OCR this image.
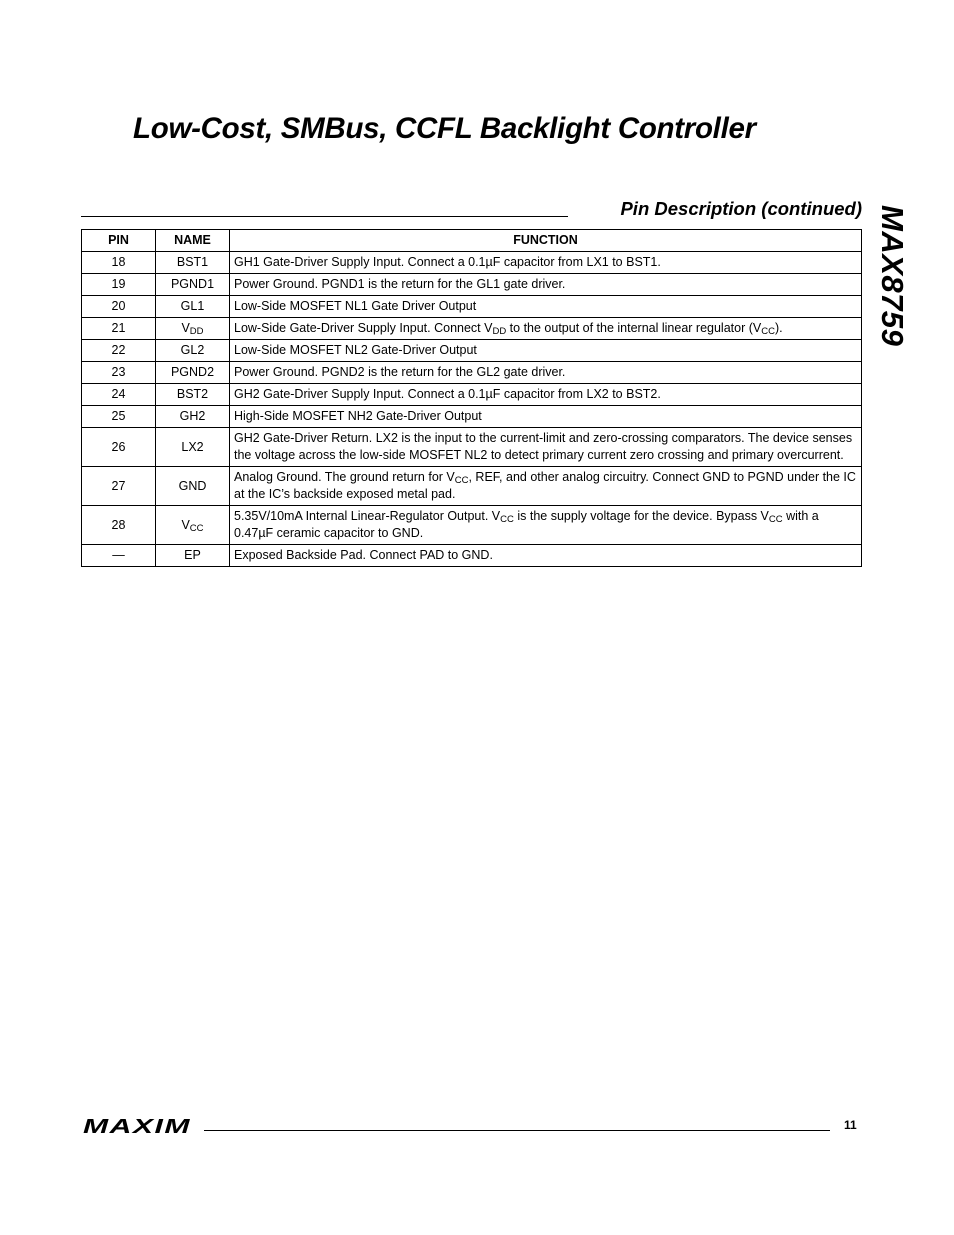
Low-Cost, SMBus, CCFL Backlight Controller
Pin Description (continued) MAX8759
PIN	NAME	FUNCTION
18	BST1	GH1 Gate-Driver Supply Input. Connect a 0.1µF capacitor from LX1 to BST1.
19	PGND1	Power Ground. PGND1 is the return for the GL1 gate driver.
20	GL1	Low-Side MOSFET NL1 Gate Driver Output
21	$V_{DD}$	Low-Side Gate-Driver Supply Input. Connect $V_{DD}$ to the output of the internal linear regulator $(V_{CC})$.
22	GL2	Low-Side MOSFET NL2 Gate-Driver Output
23	PGND2	Power Ground. PGND2 is the return for the GL2 gate driver.
24	BST2	GH2 Gate-Driver Supply Input. Connect a 0.1µF capacitor from LX2 to BST2.
25	GH2	High-Side MOSFET NH2 Gate-Driver Output
26	LX2	GH2 Gate-Driver Return. LX2 is the input to the current-limit and zero-crossing comparators. The device senses the voltage across the low-side MOSFET NL2 to detect primary current zero crossing and primary overcurrent.
27	GND	Analog Ground. The ground return for $V_{CC}$, REF, and other analog circuitry. Connect GND to PGND under the IC at the IC’s backside exposed metal pad.
28	$V_{CC}$	5.35V/10mA Internal Linear-Regulator Output. $V_{CC}$ is the supply voltage for the device. Bypass $V_{CC}$ with a 0.47µF ceramic capacitor to GND.
—	EP	Exposed Backside Pad. Connect PAD to GND.
MAXIM	11
